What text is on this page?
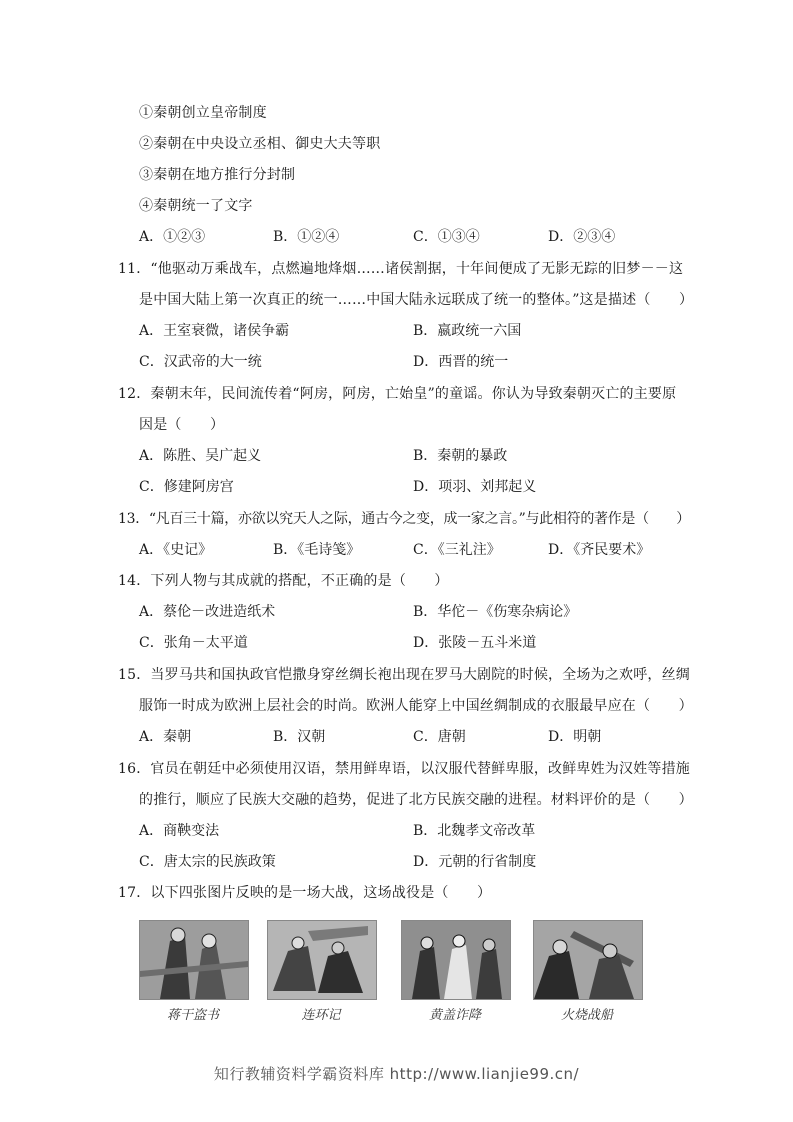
①秦朝创立皇帝制度
②秦朝在中央设立丞相、御史大夫等职
③秦朝在地方推行分封制
④秦朝统一了文字
A．①②③	B．①②④	C．①③④	D．②③④
11．“他驱动万乘战车，点燃遍地烽烟……诸侯割据，十年间便成了无影无踪的旧梦－－这
是中国大陆上第一次真正的统一……中国大陆永远联成了统一的整体。”这是描述（　　）
A．王室衰微，诸侯争霸	B．嬴政统一六国
C．汉武帝的大一统	D．西晋的统一
12．秦朝末年，民间流传着“阿房，阿房，亡始皇”的童谣。你认为导致秦朝灭亡的主要原
因是（　　）
A．陈胜、吴广起义	B．秦朝的暴政
C．修建阿房宫	D．项羽、刘邦起义
13．“凡百三十篇，亦欲以究天人之际，通古今之变，成一家之言。”与此相符的著作是（　　）
A．《史记》	B．《毛诗笺》	C．《三礼注》	D．《齐民要术》
14．下列人物与其成就的搭配，不正确的是（　　）
A．蔡伦－改进造纸术	B．华佗－《伤寒杂病论》
C．张角－太平道	D．张陵－五斗米道
15．当罗马共和国执政官恺撒身穿丝绸长袍出现在罗马大剧院的时候，全场为之欢呼，丝绸
服饰一时成为欧洲上层社会的时尚。欧洲人能穿上中国丝绸制成的衣服最早应在（　　）
A．秦朝	B．汉朝	C．唐朝	D．明朝
16．官员在朝廷中必须使用汉语，禁用鲜卑语，以汉服代替鲜卑服，改鲜卑姓为汉姓等措施
的推行，顺应了民族大交融的趋势，促进了北方民族交融的进程。材料评价的是（　　）
A．商鞅变法	B．北魏孝文帝改革
C．唐太宗的民族政策	D．元朝的行省制度
17．以下四张图片反映的是一场大战，这场战役是（　　）
蒋干盗书	连环记	黄盖诈降	火烧战船
知行教辅资料学霸资料库 http://www.lianjie99.cn/
